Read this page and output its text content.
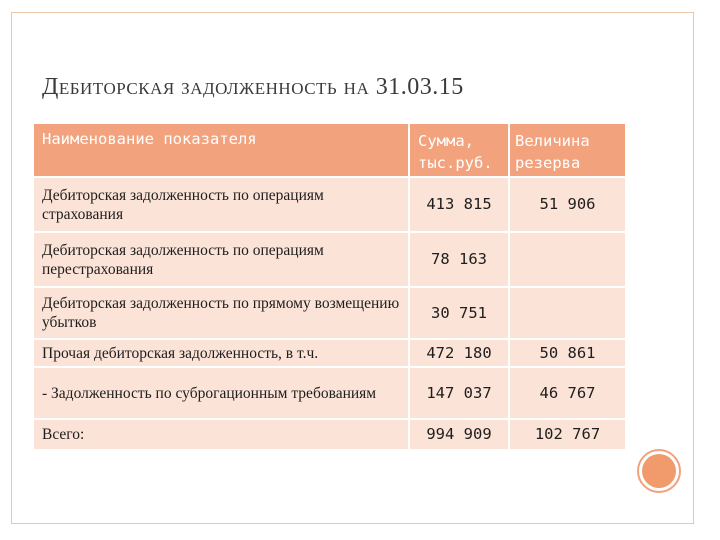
Дебиторская задолженность на 31.03.15
Наименование показателя	Сумма, тыс.руб.	Величина резерва
Дебиторская задолженность по операциям страхования	413 815	51 906
Дебиторская задолженность по операциям перестрахования	78 163	
Дебиторская задолженность по прямому возмещению убытков	30 751	
Прочая дебиторская задолженность, в т.ч.	472 180	50 861
- Задолженность по суброгационным требованиям	147 037	46 767
Всего:	994 909	102 767
